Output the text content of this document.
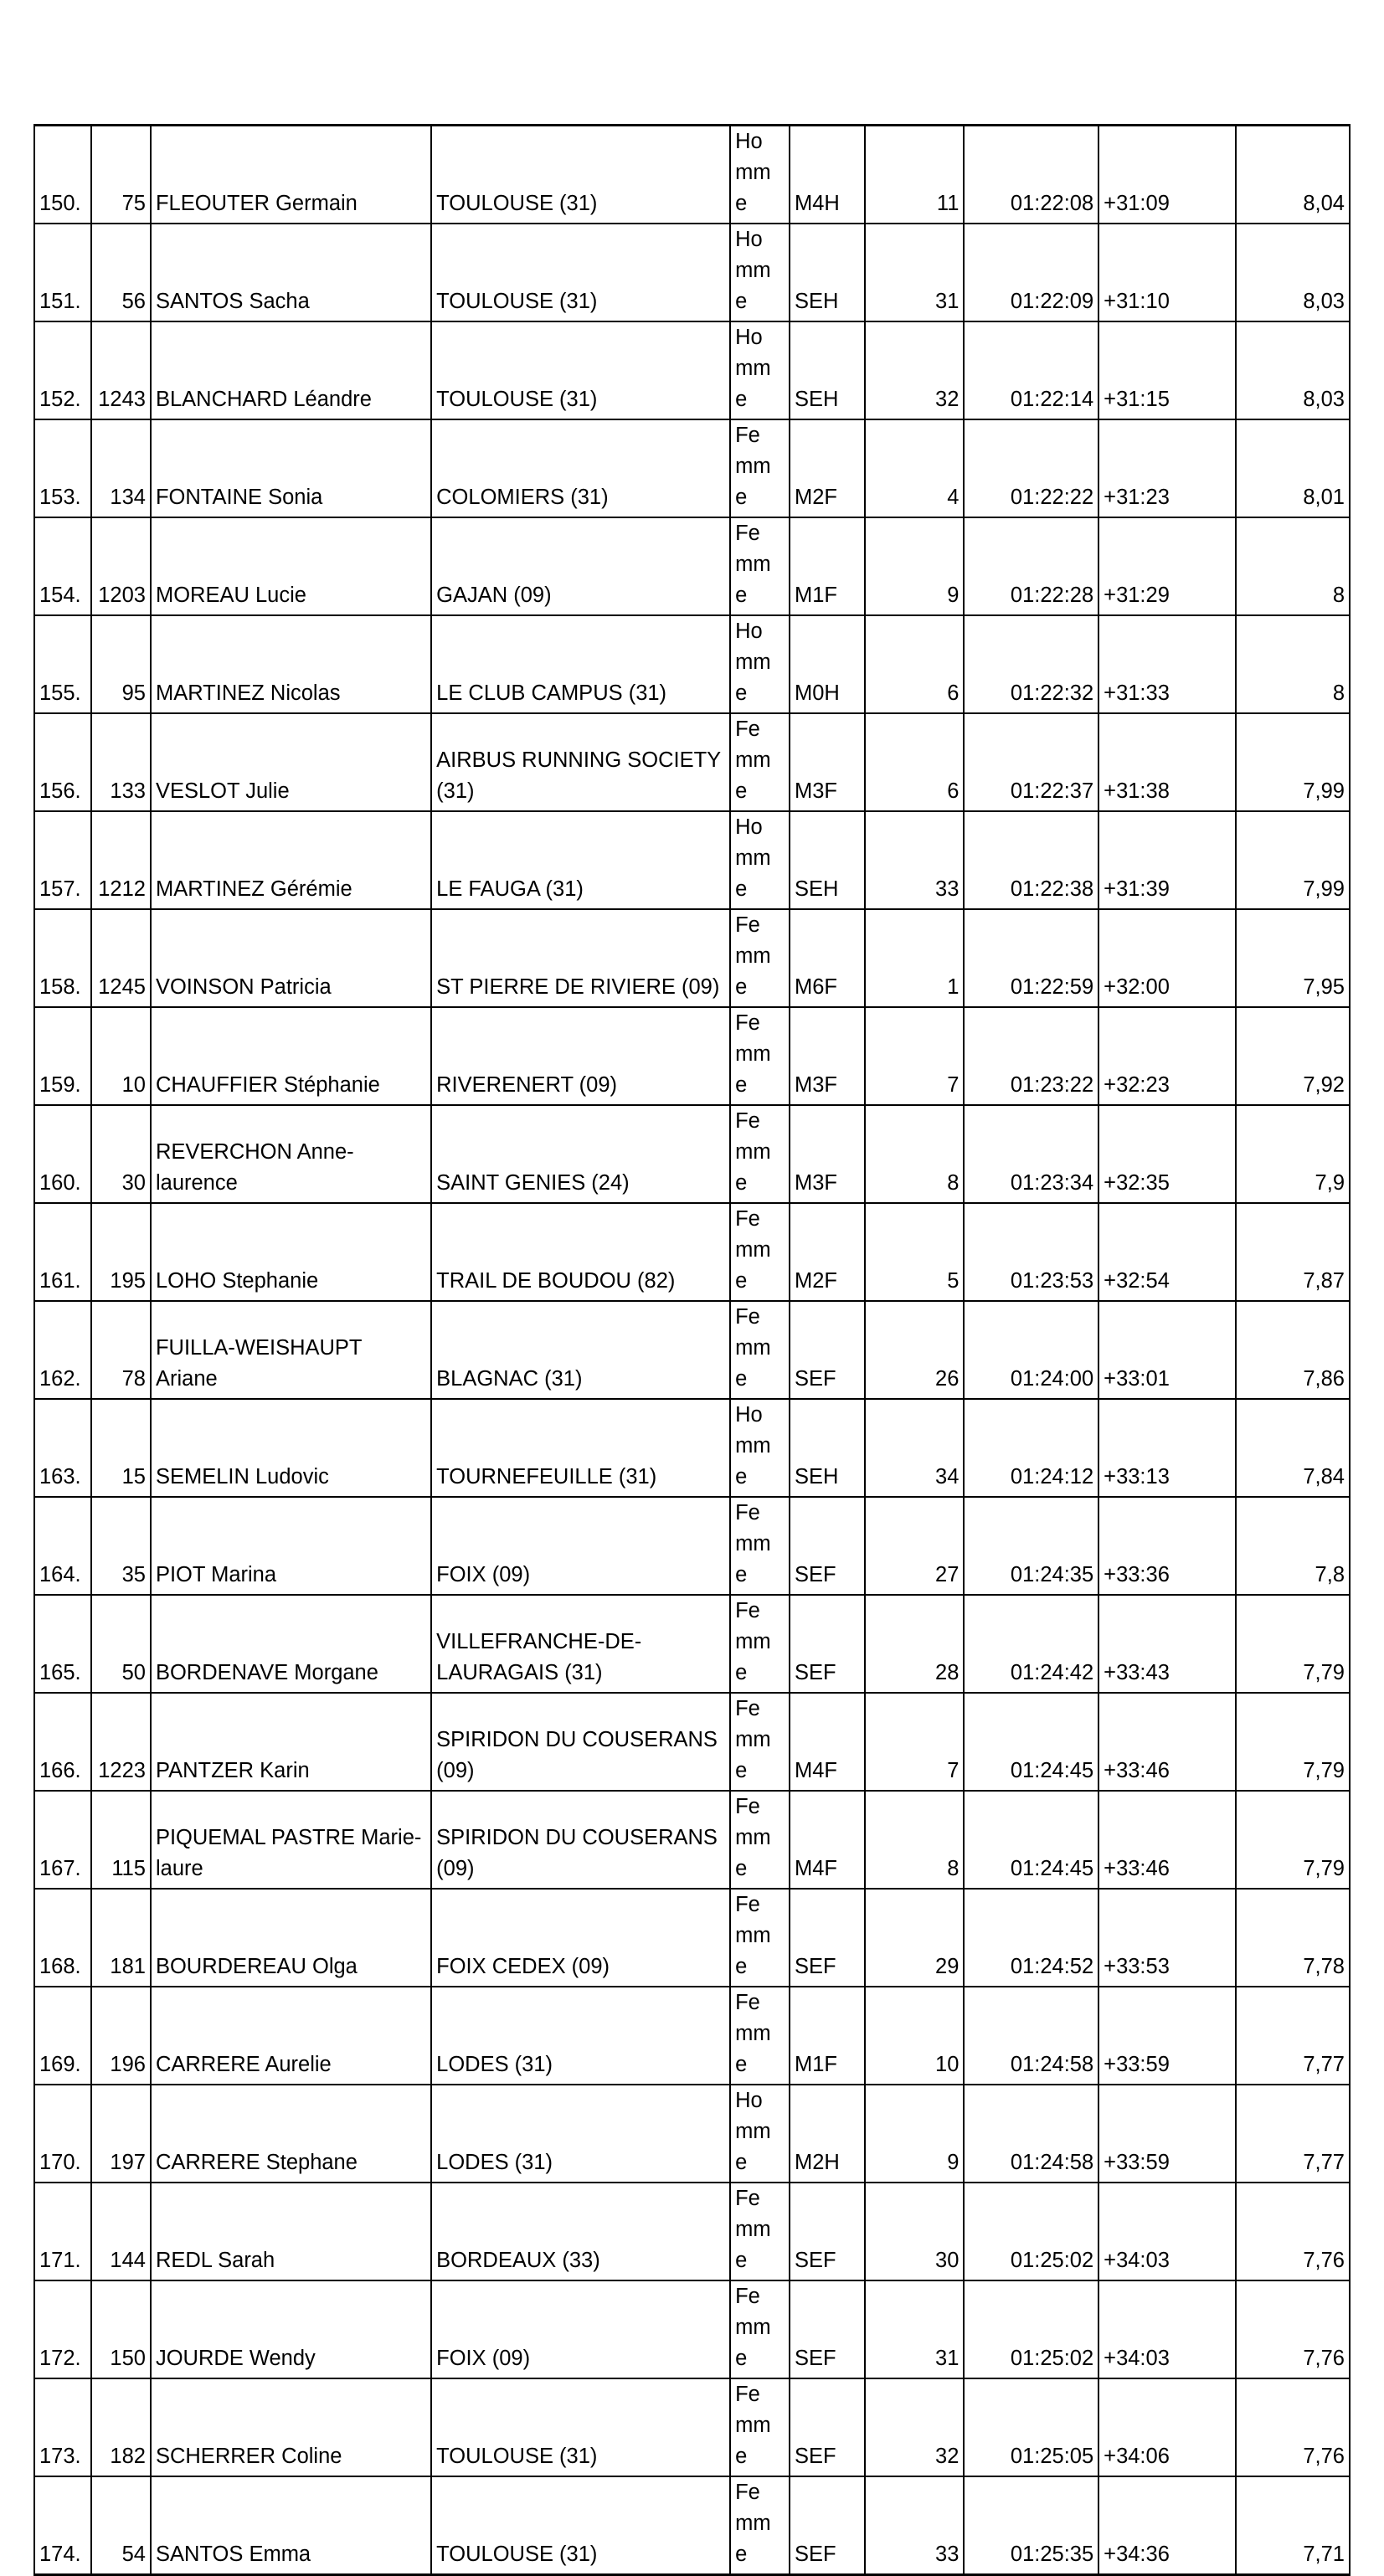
150.	75	FLEOUTER Germain	TOULOUSE (31)	Homme	M4H	11	01:22:08	+31:09	8,04
151.	56	SANTOS Sacha	TOULOUSE (31)	Homme	SEH	31	01:22:09	+31:10	8,03
152.	1243	BLANCHARD Léandre	TOULOUSE (31)	Homme	SEH	32	01:22:14	+31:15	8,03
153.	134	FONTAINE Sonia	COLOMIERS (31)	Femme	M2F	4	01:22:22	+31:23	8,01
154.	1203	MOREAU Lucie	GAJAN (09)	Femme	M1F	9	01:22:28	+31:29	8
155.	95	MARTINEZ Nicolas	LE CLUB CAMPUS (31)	Homme	M0H	6	01:22:32	+31:33	8
156.	133	VESLOT Julie	AIRBUS RUNNING SOCIETY (31)	Femme	M3F	6	01:22:37	+31:38	7,99
157.	1212	MARTINEZ Gérémie	LE FAUGA (31)	Homme	SEH	33	01:22:38	+31:39	7,99
158.	1245	VOINSON Patricia	ST PIERRE DE RIVIERE (09)	Femme	M6F	1	01:22:59	+32:00	7,95
159.	10	CHAUFFIER Stéphanie	RIVERENERT (09)	Femme	M3F	7	01:23:22	+32:23	7,92
160.	30	REVERCHON Anne-laurence	SAINT GENIES (24)	Femme	M3F	8	01:23:34	+32:35	7,9
161.	195	LOHO Stephanie	TRAIL DE BOUDOU (82)	Femme	M2F	5	01:23:53	+32:54	7,87
162.	78	FUILLA-WEISHAUPT Ariane	BLAGNAC (31)	Femme	SEF	26	01:24:00	+33:01	7,86
163.	15	SEMELIN Ludovic	TOURNEFEUILLE (31)	Homme	SEH	34	01:24:12	+33:13	7,84
164.	35	PIOT Marina	FOIX (09)	Femme	SEF	27	01:24:35	+33:36	7,8
165.	50	BORDENAVE Morgane	VILLEFRANCHE-DE-LAURAGAIS (31)	Femme	SEF	28	01:24:42	+33:43	7,79
166.	1223	PANTZER Karin	SPIRIDON DU COUSERANS (09)	Femme	M4F	7	01:24:45	+33:46	7,79
167.	115	PIQUEMAL PASTRE Marie-laure	SPIRIDON DU COUSERANS (09)	Femme	M4F	8	01:24:45	+33:46	7,79
168.	181	BOURDEREAU Olga	FOIX CEDEX (09)	Femme	SEF	29	01:24:52	+33:53	7,78
169.	196	CARRERE Aurelie	LODES (31)	Femme	M1F	10	01:24:58	+33:59	7,77
170.	197	CARRERE Stephane	LODES (31)	Homme	M2H	9	01:24:58	+33:59	7,77
171.	144	REDL Sarah	BORDEAUX (33)	Femme	SEF	30	01:25:02	+34:03	7,76
172.	150	JOURDE Wendy	FOIX (09)	Femme	SEF	31	01:25:02	+34:03	7,76
173.	182	SCHERRER Coline	TOULOUSE (31)	Femme	SEF	32	01:25:05	+34:06	7,76
174.	54	SANTOS Emma	TOULOUSE (31)	Femme	SEF	33	01:25:35	+34:36	7,71
